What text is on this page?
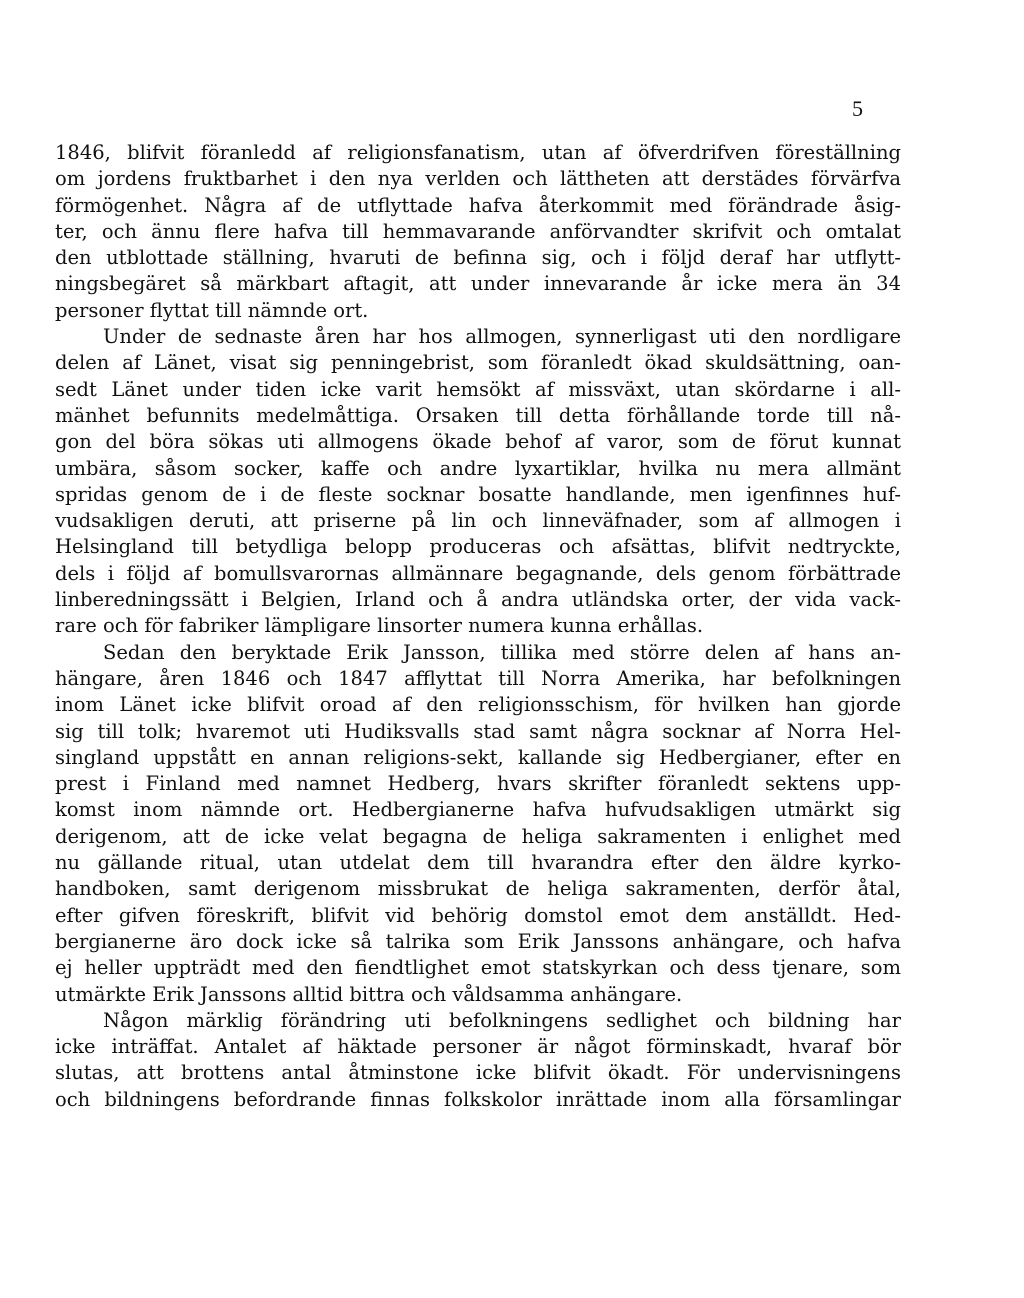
5
1846, blifvit föranledd af religionsfanatism, utan af öfverdrifven föreställning
om jordens fruktbarhet i den nya verlden och lättheten att derstädes förvärfva
förmögenhet. Några af de utflyttade hafva återkommit med förändrade åsig-
ter, och ännu flere hafva till hemmavarande anförvandter skrifvit och omtalat
den utblottade ställning, hvaruti de befinna sig, och i följd deraf har utflytt-
ningsbegäret så märkbart aftagit, att under innevarande år icke mera än 34
personer flyttat till nämnde ort.
Under de sednaste åren har hos allmogen, synnerligast uti den nordligare
delen af Länet, visat sig penningebrist, som föranledt ökad skuldsättning, oan-
sedt Länet under tiden icke varit hemsökt af missväxt, utan skördarne i all-
mänhet befunnits medelmåttiga. Orsaken till detta förhållande torde till nå-
gon del böra sökas uti allmogens ökade behof af varor, som de förut kunnat
umbära, såsom socker, kaffe och andre lyxartiklar, hvilka nu mera allmänt
spridas genom de i de fleste socknar bosatte handlande, men igenfinnes huf-
vudsakligen deruti, att priserne på lin och linneväfnader, som af allmogen i
Helsingland till betydliga belopp produceras och afsättas, blifvit nedtryckte,
dels i följd af bomullsvarornas allmännare begagnande, dels genom förbättrade
linberedningssätt i Belgien, Irland och å andra utländska orter, der vida vack-
rare och för fabriker lämpligare linsorter numera kunna erhållas.
Sedan den beryktade Erik Jansson, tillika med större delen af hans an-
hängare, åren 1846 och 1847 afflyttat till Norra Amerika, har befolkningen
inom Länet icke blifvit oroad af den religionsschism, för hvilken han gjorde
sig till tolk; hvaremot uti Hudiksvalls stad samt några socknar af Norra Hel-
singland uppstått en annan religions-sekt, kallande sig Hedbergianer, efter en
prest i Finland med namnet Hedberg, hvars skrifter föranledt sektens upp-
komst inom nämnde ort. Hedbergianerne hafva hufvudsakligen utmärkt sig
derigenom, att de icke velat begagna de heliga sakramenten i enlighet med
nu gällande ritual, utan utdelat dem till hvarandra efter den äldre kyrko-
handboken, samt derigenom missbrukat de heliga sakramenten, derför åtal,
efter gifven föreskrift, blifvit vid behörig domstol emot dem anställdt. Hed-
bergianerne äro dock icke så talrika som Erik Janssons anhängare, och hafva
ej heller uppträdt med den fiendtlighet emot statskyrkan och dess tjenare, som
utmärkte Erik Janssons alltid bittra och våldsamma anhängare.
Någon märklig förändring uti befolkningens sedlighet och bildning har
icke inträffat. Antalet af häktade personer är något förminskadt, hvaraf bör
slutas, att brottens antal åtminstone icke blifvit ökadt. För undervisningens
och bildningens befordrande finnas folkskolor inrättade inom alla församlingar
